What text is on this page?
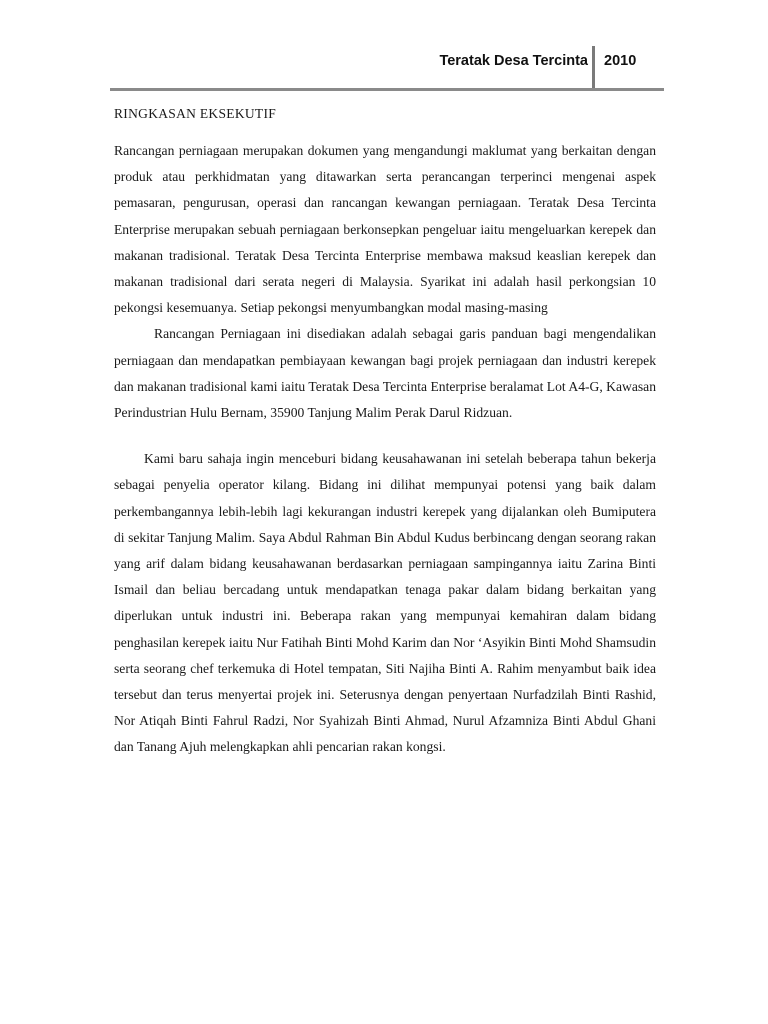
Teratak Desa Tercinta 2010
RINGKASAN EKSEKUTIF

Rancangan perniagaan merupakan dokumen yang mengandungi maklumat yang berkaitan dengan produk atau perkhidmatan yang ditawarkan serta perancangan terperinci mengenai aspek pemasaran, pengurusan, operasi dan rancangan kewangan perniagaan. Teratak Desa Tercinta Enterprise merupakan sebuah perniagaan berkonsepkan pengeluar iaitu mengeluarkan kerepek dan makanan tradisional. Teratak Desa Tercinta Enterprise membawa maksud keaslian kerepek dan makanan tradisional dari serata negeri di Malaysia. Syarikat ini adalah hasil perkongsian 10 pekongsi kesemuanya. Setiap pekongsi menyumbangkan modal masing-masing

Rancangan Perniagaan ini disediakan adalah sebagai garis panduan bagi mengendalikan perniagaan dan mendapatkan pembiayaan kewangan bagi projek perniagaan dan industri kerepek dan makanan tradisional kami iaitu Teratak Desa Tercinta Enterprise beralamat Lot A4-G, Kawasan Perindustrian Hulu Bernam, 35900 Tanjung Malim Perak Darul Ridzuan.

Kami baru sahaja ingin menceburi bidang keusahawanan ini setelah beberapa tahun bekerja sebagai penyelia operator kilang. Bidang ini dilihat mempunyai potensi yang baik dalam perkembangannya lebih-lebih lagi kekurangan industri kerepek yang dijalankan oleh Bumiputera di sekitar Tanjung Malim. Saya Abdul Rahman Bin Abdul Kudus berbincang dengan seorang rakan yang arif dalam bidang keusahawanan berdasarkan perniagaan sampingannya iaitu Zarina Binti Ismail dan beliau bercadang untuk mendapatkan tenaga pakar dalam bidang berkaitan yang diperlukan untuk industri ini. Beberapa rakan yang mempunyai kemahiran dalam bidang penghasilan kerepek iaitu Nur Fatihah Binti Mohd Karim dan Nor ‘Asyikin Binti Mohd Shamsudin serta seorang chef terkemuka di Hotel tempatan, Siti Najiha Binti A. Rahim menyambut baik idea tersebut dan terus menyertai projek ini. Seterusnya dengan penyertaan Nurfadzilah Binti Rashid, Nor Atiqah Binti Fahrul Radzi, Nor Syahizah Binti Ahmad, Nurul Afzamniza Binti Abdul Ghani dan Tanang Ajuh melengkapkan ahli pencarian rakan kongsi.
